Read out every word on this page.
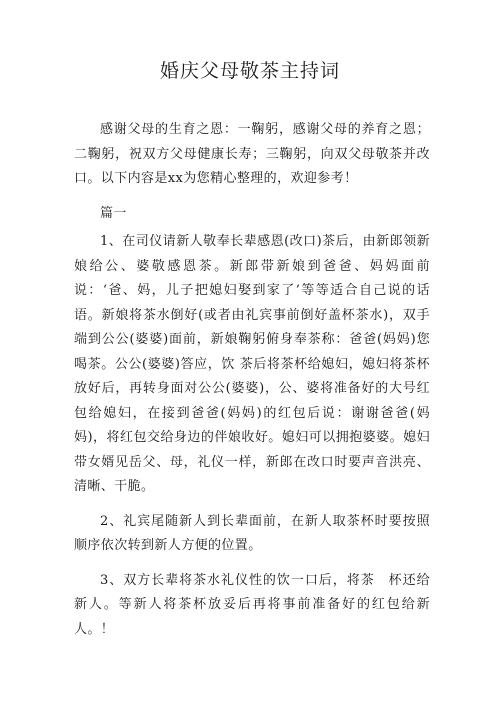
婚庆父母敬茶主持词

感谢父母的生育之恩：一鞠躬，感谢父母的养育之恩；二鞠躬，祝双方父母健康长寿；三鞠躬，向双父母敬茶并改口。以下内容是xx为您精心整理的，欢迎参考！

篇一

1、在司仪请新人敬奉长辈感恩(改口)茶后，由新郎领新娘给公、婆敬感恩茶。新郎带新娘到爸爸、妈妈面前说：‘爸、妈，儿子把媳妇娶到家了’等等适合自己说的话语。新娘将茶水倒好(或者由礼宾事前倒好盖杯茶水)，双手端到公公(婆婆)面前，新娘鞠躬俯身奉茶称：爸爸(妈妈)您喝茶。公公(婆婆)答应，饮 茶后将茶杯给媳妇，媳妇将茶杯放好后，再转身面对公公(婆婆)，公、婆将准备好的大号红包给媳妇，在接到爸爸(妈妈)的红包后说：谢谢爸爸(妈妈)，将红包交给身边的伴娘收好。媳妇可以拥抱婆婆。媳妇带女婿见岳父、母，礼仪一样，新郎在改口时要声音洪亮、清晰、干脆。

2、礼宾尾随新人到长辈面前，在新人取茶杯时要按照顺序依次转到新人方便的位置。

3、双方长辈将茶水礼仪性的饮一口后，将茶　杯还给新人。等新人将茶杯放妥后再将事前准备好的红包给新人。！
